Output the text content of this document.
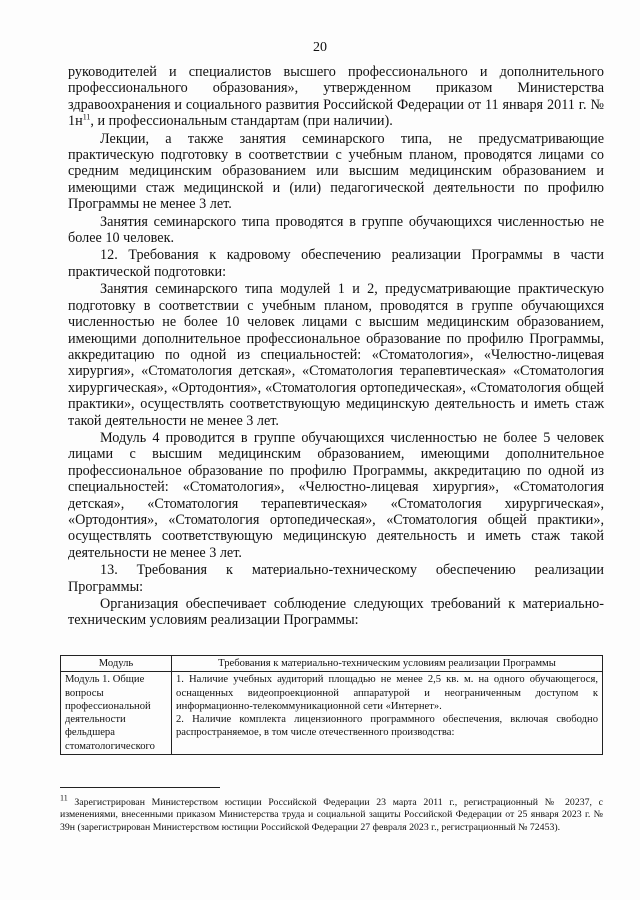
20

руководителей и специалистов высшего профессионального и дополнительного профессионального образования», утвержденном приказом Министерства здравоохранения и социального развития Российской Федерации от 11 января 2011 г. № $1н^{11}$, и профессиональным стандартам (при наличии).

Лекции, а также занятия семинарского типа, не предусматривающие практическую подготовку в соответствии с учебным планом, проводятся лицами со средним медицинским образованием или высшим медицинским образованием и имеющими стаж медицинской и (или) педагогической деятельности по профилю Программы не менее 3 лет.

Занятия семинарского типа проводятся в группе обучающихся численностью не более 10 человек.

12. Требования к кадровому обеспечению реализации Программы в части практической подготовки:

Занятия семинарского типа модулей 1 и 2, предусматривающие практическую подготовку в соответствии с учебным планом, проводятся в группе обучающихся численностью не более 10 человек лицами с высшим медицинским образованием, имеющими дополнительное профессиональное образование по профилю Программы, аккредитацию по одной из специальностей: «Стоматология», «Челюстно-лицевая хирургия», «Стоматология детская», «Стоматология терапевтическая» «Стоматология хирургическая», «Ортодонтия», «Стоматология ортопедическая», «Стоматология общей практики», осуществлять соответствующую медицинскую деятельность и иметь стаж такой деятельности не менее 3 лет.

Модуль 4 проводится в группе обучающихся численностью не более 5 человек лицами с высшим медицинским образованием, имеющими дополнительное профессиональное образование по профилю Программы, аккредитацию по одной из специальностей: «Стоматология», «Челюстно-лицевая хирургия», «Стоматология детская», «Стоматология терапевтическая» «Стоматология хирургическая», «Ортодонтия», «Стоматология ортопедическая», «Стоматология общей практики», осуществлять соответствующую медицинскую деятельность и иметь стаж такой деятельности не менее 3 лет.

13. Требования к материально-техническому обеспечению реализации Программы:

Организация обеспечивает соблюдение следующих требований к материально-техническим условиям реализации Программы:

Модуль	Требования к материально-техническим условиям реализации Программы
Модуль 1. Общие вопросы профессиональной деятельности фельдшера стоматологического	1. Наличие учебных аудиторий площадью не менее 2,5 кв. м. на одного обучающегося, оснащенных видеопроекционной аппаратурой и неограниченным доступом к информационно-телекоммуникационной сети «Интернет».
2. Наличие комплекта лицензионного программного обеспечения, включая свободно распространяемое, в том числе отечественного производства:
$^{11}$ Зарегистрирован Министерством юстиции Российской Федерации 23 марта 2011 г., регистрационный № 20237, с изменениями, внесенными приказом Министерства труда и социальной защиты Российской Федерации от 25 января 2023 г. № 39н (зарегистрирован Министерством юстиции Российской Федерации 27 февраля 2023 г., регистрационный № 72453).
